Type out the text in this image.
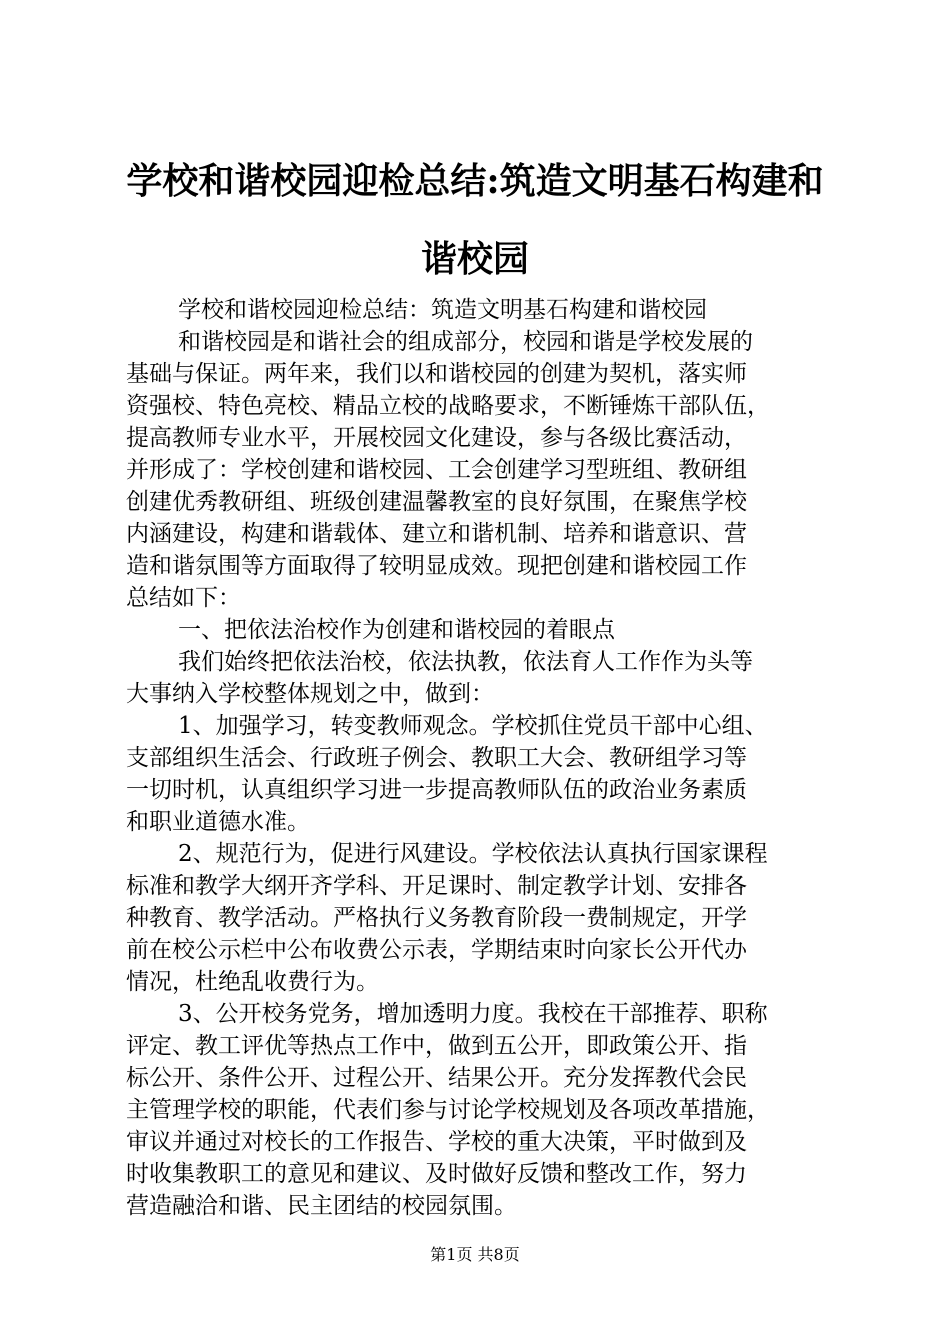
学校和谐校园迎检总结:筑造文明基石构建和
谐校园

学校和谐校园迎检总结：筑造文明基石构建和谐校园

和谐校园是和谐社会的组成部分，校园和谐是学校发展的
基础与保证。两年来，我们以和谐校园的创建为契机，落实师
资强校、特色亮校、精品立校的战略要求，不断锤炼干部队伍，
提高教师专业水平，开展校园文化建设，参与各级比赛活动，
并形成了：学校创建和谐校园、工会创建学习型班组、教研组
创建优秀教研组、班级创建温馨教室的良好氛围，在聚焦学校
内涵建设，构建和谐载体、建立和谐机制、培养和谐意识、营
造和谐氛围等方面取得了较明显成效。现把创建和谐校园工作
总结如下：

一、把依法治校作为创建和谐校园的着眼点

我们始终把依法治校，依法执教，依法育人工作作为头等
大事纳入学校整体规划之中，做到：

1、加强学习，转变教师观念。学校抓住党员干部中心组、
支部组织生活会、行政班子例会、教职工大会、教研组学习等
一切时机，认真组织学习进一步提高教师队伍的政治业务素质
和职业道德水准。

2、规范行为，促进行风建设。学校依法认真执行国家课程
标准和教学大纲开齐学科、开足课时、制定教学计划、安排各
种教育、教学活动。严格执行义务教育阶段一费制规定，开学
前在校公示栏中公布收费公示表，学期结束时向家长公开代办
情况，杜绝乱收费行为。

3、公开校务党务，增加透明力度。我校在干部推荐、职称
评定、教工评优等热点工作中，做到五公开，即政策公开、指
标公开、条件公开、过程公开、结果公开。充分发挥教代会民
主管理学校的职能，代表们参与讨论学校规划及各项改革措施，
审议并通过对校长的工作报告、学校的重大决策，平时做到及
时收集教职工的意见和建议、及时做好反馈和整改工作，努力
营造融洽和谐、民主团结的校园氛围。

第1页 共8页
